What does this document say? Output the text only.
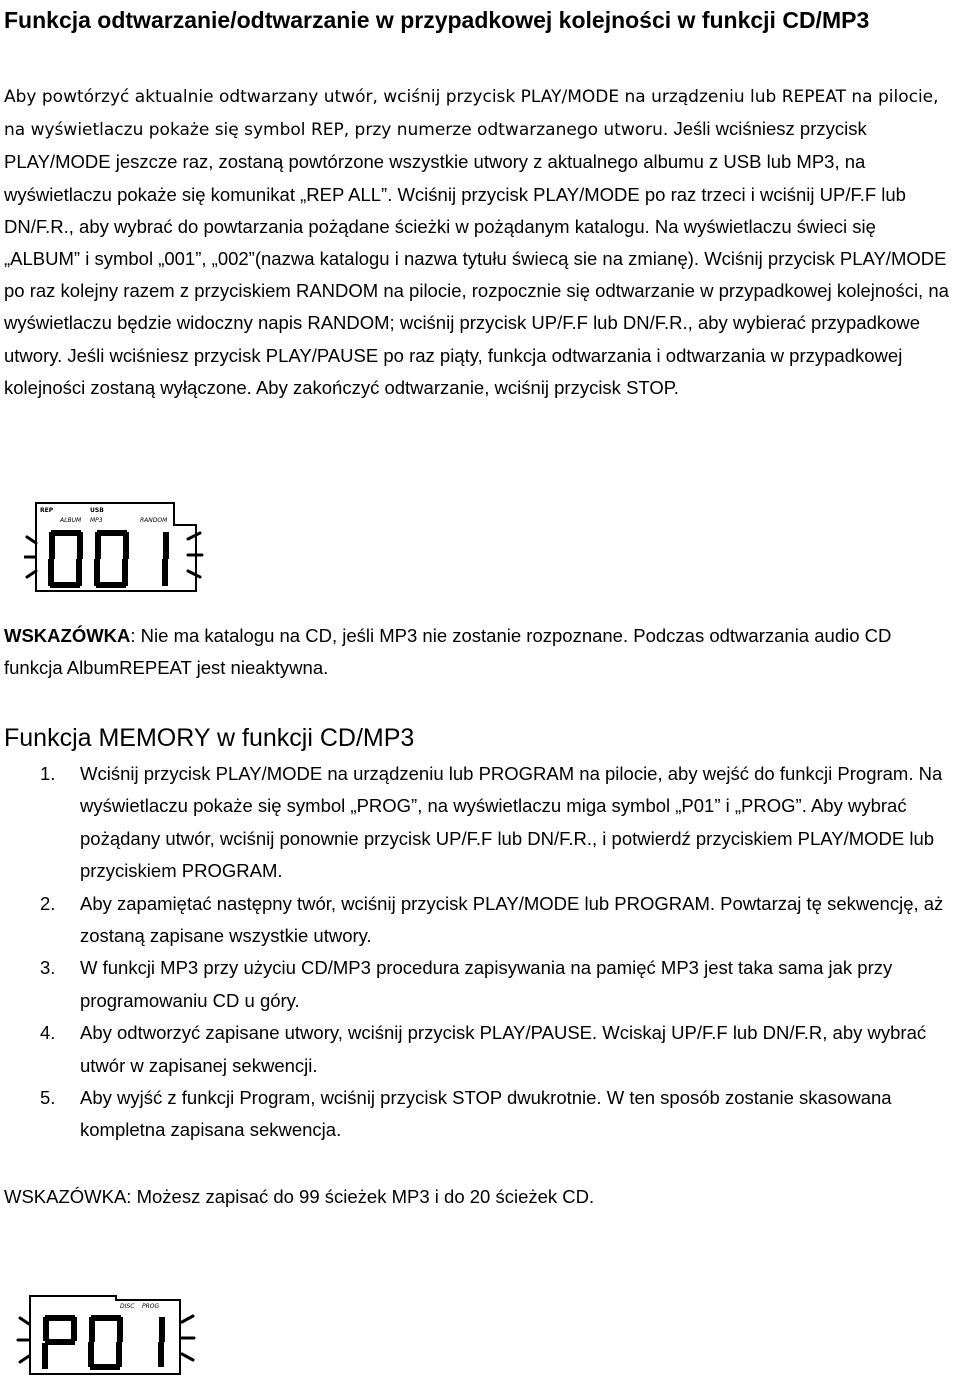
Funkcja odtwarzanie/odtwarzanie w przypadkowej kolejności w funkcji CD/MP3

Aby powtórzyć aktualnie odtwarzany utwór, wciśnij przycisk PLAY/MODE na urządzeniu lub REPEAT na pilocie, na wyświetlaczu pokaże się symbol REP, przy numerze odtwarzanego utworu. Jeśli wciśniesz przycisk PLAY/MODE jeszcze raz, zostaną powtórzone wszystkie utwory z aktualnego albumu z USB lub MP3, na wyświetlaczu pokaże się komunikat „REP ALL”. Wciśnij przycisk PLAY/MODE po raz trzeci i wciśnij UP/F.F lub DN/F.R., aby wybrać do powtarzania pożądane ścieżki w pożądanym katalogu. Na wyświetlaczu świeci się „ALBUM” i symbol „001”, „002”(nazwa katalogu i nazwa tytułu świecą sie na zmianę). Wciśnij przycisk PLAY/MODE po raz kolejny razem z przyciskiem RANDOM na pilocie, rozpocznie się odtwarzanie w przypadkowej kolejności, na wyświetlaczu będzie widoczny napis RANDOM; wciśnij przycisk UP/F.F lub DN/F.R., aby wybierać przypadkowe utwory. Jeśli wciśniesz przycisk PLAY/PAUSE po raz piąty, funkcja odtwarzania i odtwarzania w przypadkowej kolejności zostaną wyłączone. Aby zakończyć odtwarzanie, wciśnij przycisk STOP.

REP	USB
ALBUM MP3	RANDOM

WSKAZÓWKA: Nie ma katalogu na CD, jeśli MP3 nie zostanie rozpoznane. Podczas odtwarzania audio CD funkcja AlbumREPEAT jest nieaktywna.

Funkcja MEMORY w funkcji CD/MP3
1. Wciśnij przycisk PLAY/MODE na urządzeniu lub PROGRAM na pilocie, aby wejść do funkcji Program. Na wyświetlaczu pokaże się symbol „PROG”, na wyświetlaczu miga symbol „P01” i „PROG”. Aby wybrać pożądany utwór, wciśnij ponownie przycisk UP/F.F lub DN/F.R., i potwierdź przyciskiem PLAY/MODE lub przyciskiem PROGRAM.
2. Aby zapamiętać następny twór, wciśnij przycisk PLAY/MODE lub PROGRAM. Powtarzaj tę sekwencję, aż zostaną zapisane wszystkie utwory.
3. W funkcji MP3 przy użyciu CD/MP3 procedura zapisywania na pamięć MP3 jest taka sama jak przy programowaniu CD u góry.
4. Aby odtworzyć zapisane utwory, wciśnij przycisk PLAY/PAUSE. Wciskaj UP/F.F lub DN/F.R, aby wybrać utwór w zapisanej sekwencji.
5. Aby wyjść z funkcji Program, wciśnij przycisk STOP dwukrotnie. W ten sposób zostanie skasowana kompletna zapisana sekwencja.

WSKAZÓWKA: Możesz zapisać do 99 ścieżek MP3 i do 20 ścieżek CD.

DISC PROG
